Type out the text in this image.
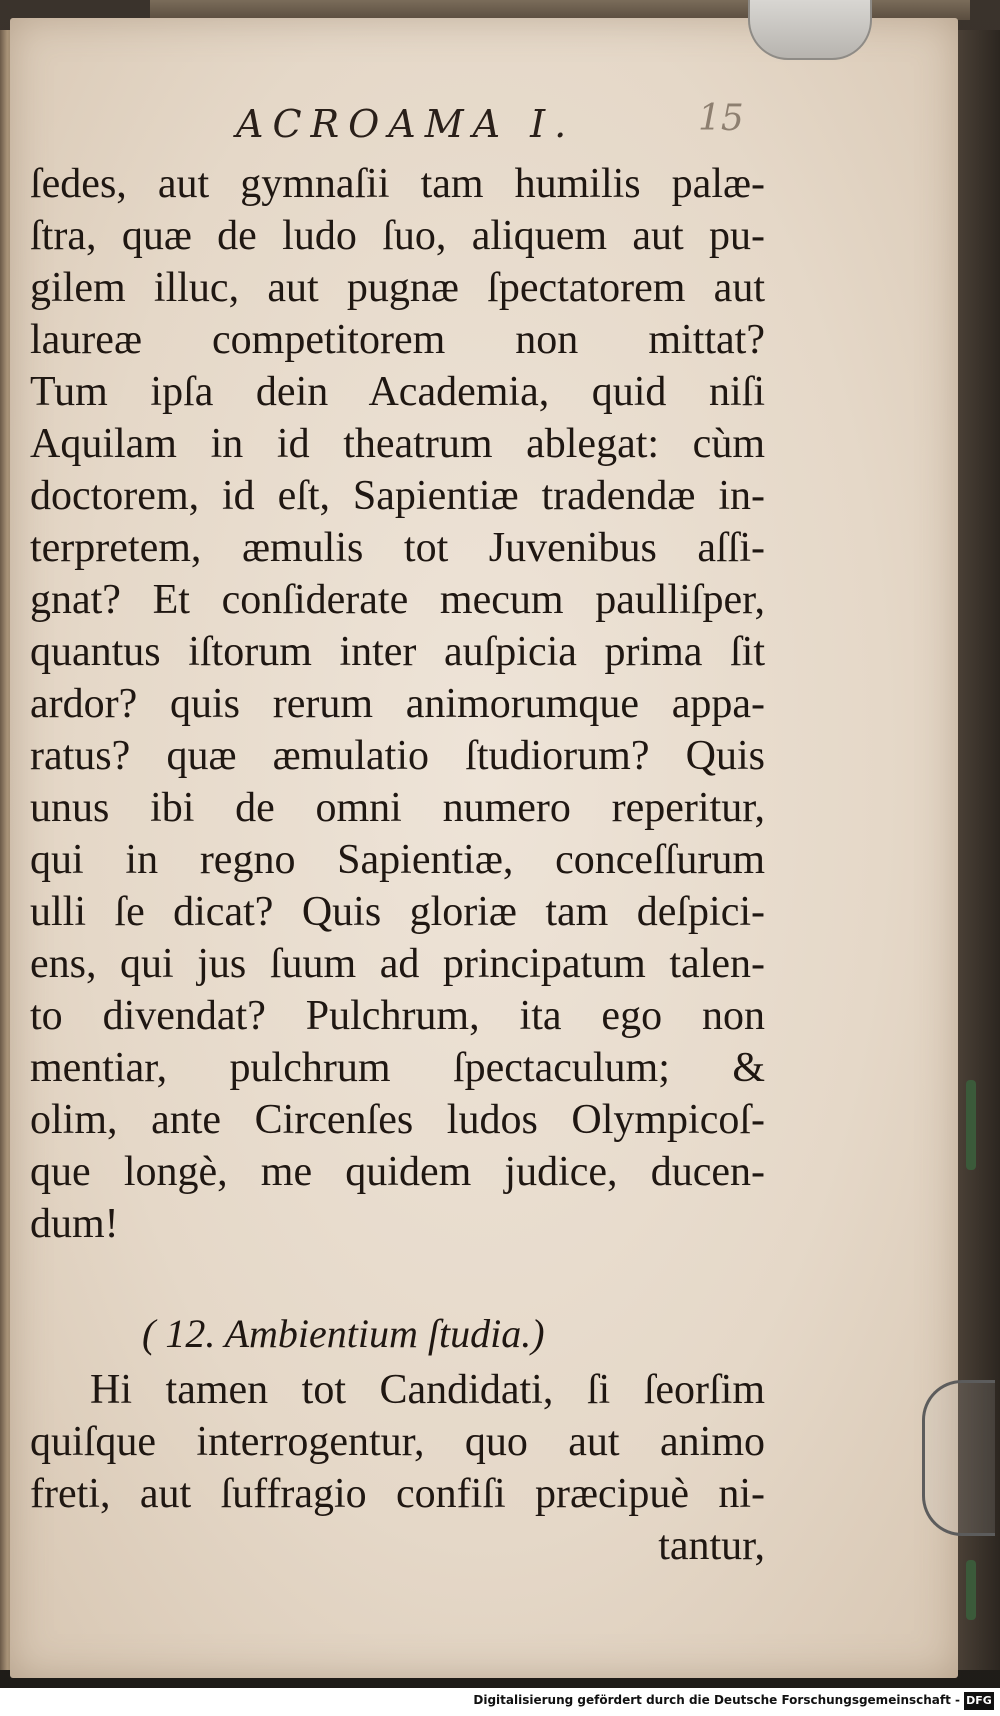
ACROAMA I.	15
ſedes, aut gymnaſii tam humilis palæ-
ſtra, quæ de ludo ſuo, aliquem aut pu-
gilem illuc, aut pugnæ ſpectatorem aut
laureæ competitorem non mittat?
Tum ipſa dein Academia, quid niſi
Aquilam in id theatrum ablegat: cùm
doctorem, id eſt, Sapientiæ tradendæ in-
terpretem, æmulis tot Juvenibus aſſi-
gnat? Et conſiderate mecum paulliſper,
quantus iſtorum inter auſpicia prima ſit
ardor? quis rerum animorumque appa-
ratus? quæ æmulatio ſtudiorum? Quis
unus ibi de omni numero reperitur,
qui in regno Sapientiæ, conceſſurum
ulli ſe dicat? Quis gloriæ tam deſpici-
ens, qui jus ſuum ad principatum talen-
to divendat? Pulchrum, ita ego non
mentiar, pulchrum ſpectaculum; &
olim, ante Circenſes ludos Olympicoſ-
que longè, me quidem judice, ducen-
dum!
( 12. Ambientium ſtudia.)
Hi tamen tot Candidati, ſi ſeorſim
quiſque interrogentur, quo aut animo
freti, aut ſuffragio confiſi præcipuè ni-
tantur,
Digitalisierung gefördert durch die Deutsche Forschungsgemeinschaft - DFG
